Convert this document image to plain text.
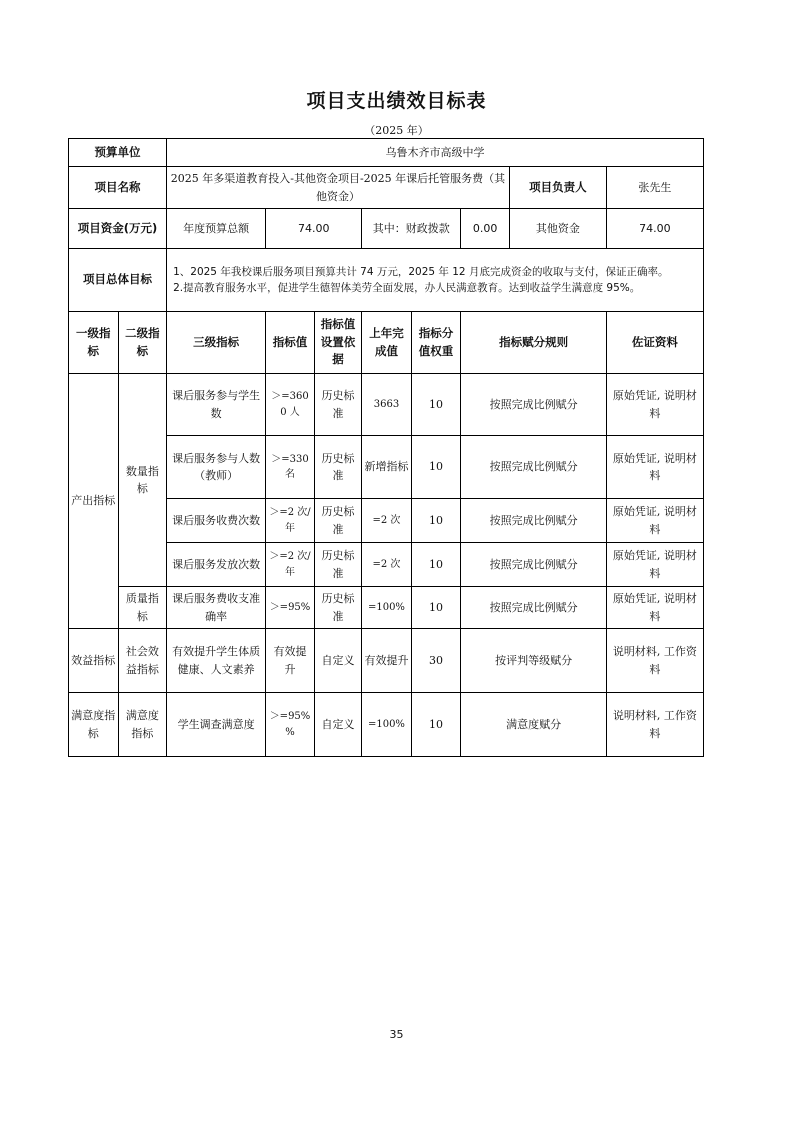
项目支出绩效目标表
（2025 年）
预算单位		乌鲁木齐市高级中学							
项目名称		2025 年多渠道教育投入-其他资金项目-2025 年课后托管服务费（其他资金）						项目负责人	张先生
项目资金(万元)		年度预算总额	74.00		其中：财政拨款		0.00	其他资金	74.00
项目总体目标		1、2025 年我校课后服务项目预算共计 74 万元，2025 年 12 月底完成资金的收取与支付，保证正确率。

2.提高教育服务水平，促进学生德智体美劳全面发展，办人民满意教育。达到收益学生满意度 95%。							

一级指标	二级指标	三级指标	指标值	指标值设置依据	上年完成值	指标分值权重	指标赋分规则		佐证资料
产出指标	数量指标	课后服务参与学生数	＞=3600 人	历史标准	3663	10	按照完成比例赋分		原始凭证, 说明材料
		课后服务参与人数（教师）	＞=330 名	历史标准	新增指标	10	按照完成比例赋分		原始凭证, 说明材料
		课后服务收费次数	＞=2 次/年	历史标准	=2 次	10	按照完成比例赋分		原始凭证, 说明材料
		课后服务发放次数	＞=2 次/年	历史标准	=2 次	10	按照完成比例赋分		原始凭证, 说明材料
	质量指标	课后服务费收支准确率	＞=95%	历史标准	=100%	10	按照完成比例赋分		原始凭证, 说明材料
效益指标	社会效益指标	有效提升学生体质健康、人文素养	有效提升	自定义	有效提升	30	按评判等级赋分		说明材料, 工作资料
满意度指标	满意度指标	学生调查满意度	＞=95%%	自定义	=100%	10	满意度赋分		说明材料, 工作资料
35
